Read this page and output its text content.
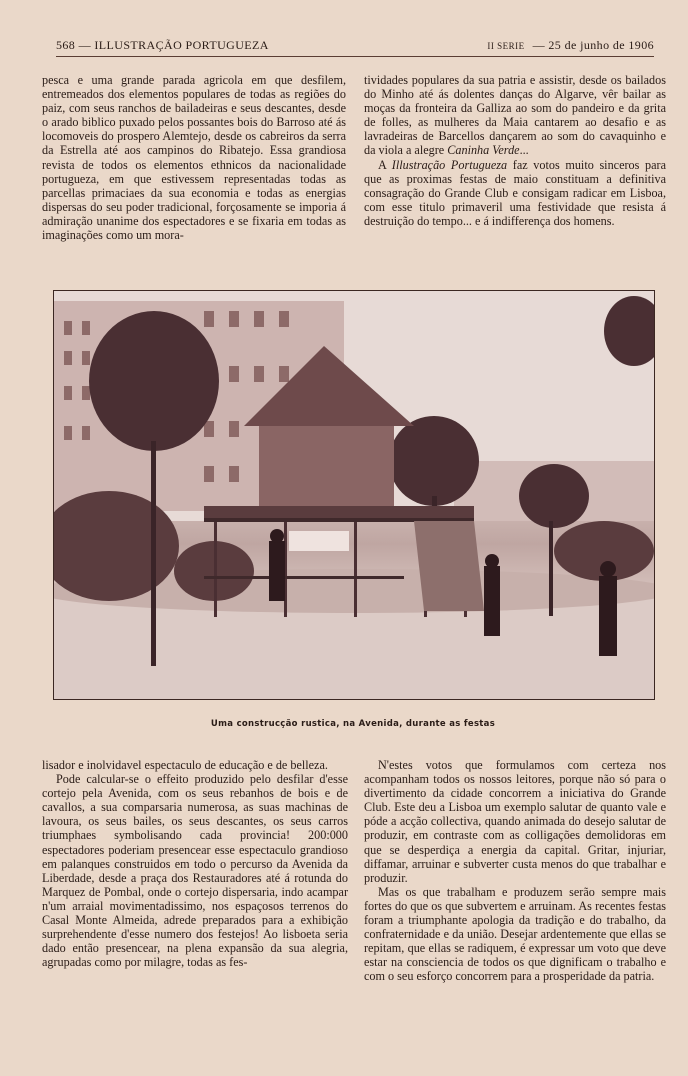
568 — ILLUSTRAÇÃO PORTUGUEZA	II SERIE — 25 de junho de 1906

pesca e uma grande parada agricola em que desfilem, entremeados dos elementos populares de todas as regiões do paiz, com seus ranchos de bailadeiras e seus descantes, desde o arado biblico puxado pelos possantes bois do Barroso até ás locomoveis do prospero Alemtejo, desde os cabreiros da serra da Estrella até aos campinos do Ribatejo. Essa grandiosa revista de todos os elementos ethnicos da nacionalidade portugueza, em que estivessem representadas todas as parcellas primaciaes da sua economia e todas as energias dispersas do seu poder tradicional, forçosamente se imporia á admiração unanime dos espectadores e se fixaria em todas as imaginações como um mora-

tividades populares da sua patria e assistir, desde os bailados do Minho até ás dolentes danças do Algarve, vêr bailar as moças da fronteira da Galliza ao som do pandeiro e da grita de folles, as mulheres da Maia cantarem ao desafio e as lavradeiras de Barcellos dançarem ao som do cavaquinho e da viola a alegre Caninha Verde...

A Illustração Portugueza faz votos muito sinceros para que as proximas festas de maio constituam a definitiva consagração do Grande Club e consigam radicar em Lisboa, com esse titulo primaveril uma festividade que resista á destruição do tempo... e á indifferença dos homens.

Uma construcção rustica, na Avenida, durante as festas

lisador e inolvidavel espectaculo de educação e de belleza.

Pode calcular-se o effeito produzido pelo desfilar d'esse cortejo pela Avenida, com os seus rebanhos de bois e de cavallos, a sua comparsaria numerosa, as suas machinas de lavoura, os seus bailes, os seus descantes, os seus carros triumphaes symbolisando cada provincia! 200:000 espectadores poderiam presencear esse espectaculo grandioso em palanques construidos em todo o percurso da Avenida da Liberdade, desde a praça dos Restauradores até á rotunda do Marquez de Pombal, onde o cortejo dispersaria, indo acampar n'um arraial movimentadissimo, nos espaçosos terrenos do Casal Monte Almeida, adrede preparados para a exhibição surprehendente d'esse numero dos festejos! Ao lisboeta seria dado então presencear, na plena expansão da sua alegria, agrupadas como por milagre, todas as fes-

N'estes votos que formulamos com certeza nos acompanham todos os nossos leitores, porque não só para o divertimento da cidade concorrem a iniciativa do Grande Club. Este deu a Lisboa um exemplo salutar de quanto vale e póde a acção collectiva, quando animada do desejo salutar de produzir, em contraste com as colligações demolidoras em que se desperdiça a energia da capital. Gritar, injuriar, diffamar, arruinar e subverter custa menos do que trabalhar e produzir.

Mas os que trabalham e produzem serão sempre mais fortes do que os que subvertem e arruinam. As recentes festas foram a triumphante apologia da tradição e do trabalho, da confraternidade e da união. Desejar ardentemente que ellas se repitam, que ellas se radiquem, é expressar um voto que deve estar na consciencia de todos os que dignificam o trabalho e com o seu esforço concorrem para a prosperidade da patria.
